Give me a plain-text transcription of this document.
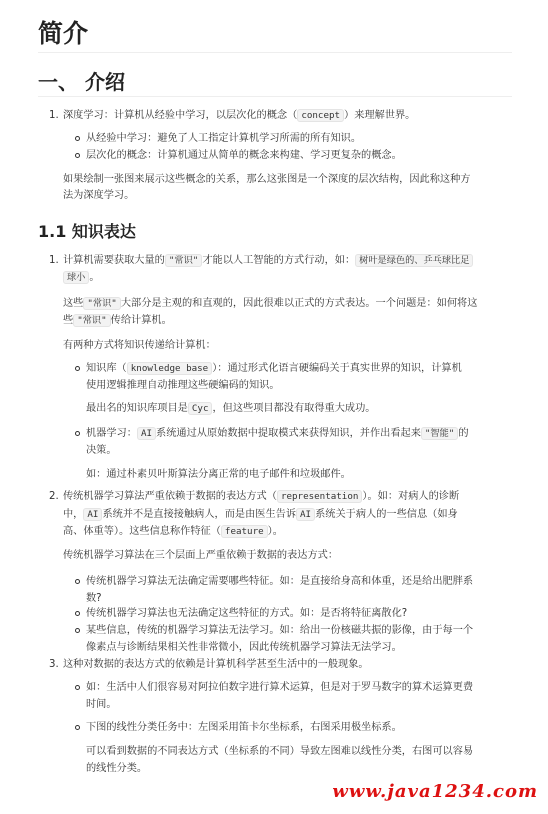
简介
一、 介绍
1. 深度学习：计算机从经验中学习，以层次化的概念（ concept ）来理解世界。
从经验中学习：避免了人工指定计算机学习所需的所有知识。
层次化的概念：计算机通过从简单的概念来构建、学习更复杂的概念。
如果绘制一张图来展示这些概念的关系，那么这张图是一个深度的层次结构，因此称这种方
法为深度学习。
1.1 知识表达
1. 计算机需要获取大量的 "常识" 才能以人工智能的方式行动，如： 树叶是绿色的、乒乓球比足
球小 。
这些 "常识" 大部分是主观的和直观的，因此很难以正式的方式表达。一个问题是：如何将这
些 "常识" 传给计算机。
有两种方式将知识传递给计算机：
知识库（ knowledge base ）：通过形式化语言硬编码关于真实世界的知识，计算机
使用逻辑推理自动推理这些硬编码的知识。
最出名的知识库项目是 Cyc ，但这些项目都没有取得重大成功。
机器学习： AI 系统通过从原始数据中提取模式来获得知识，并作出看起来 "智能" 的
决策。
如：通过朴素贝叶斯算法分离正常的电子邮件和垃圾邮件。
2. 传统机器学习算法严重依赖于数据的表达方式（ representation ）。如：对病人的诊断
中， AI 系统并不是直接接触病人，而是由医生告诉 AI 系统关于病人的一些信息（如身
高、体重等）。这些信息称作特征（ feature ）。
传统机器学习算法在三个层面上严重依赖于数据的表达方式：
传统机器学习算法无法确定需要哪些特征。如：是直接给身高和体重，还是给出肥胖系
数?
传统机器学习算法也无法确定这些特征的方式。如：是否将特征离散化?
某些信息，传统的机器学习算法无法学习。如：给出一份核磁共振的影像，由于每一个
像素点与诊断结果相关性非常微小，因此传统机器学习算法无法学习。
3. 这种对数据的表达方式的依赖是计算机科学甚至生活中的一般现象。
如：生活中人们很容易对阿拉伯数字进行算术运算，但是对于罗马数字的算术运算更费
时间。
下图的线性分类任务中：左图采用笛卡尔坐标系，右图采用极坐标系。
可以看到数据的不同表达方式（坐标系的不同）导致左图难以线性分类，右图可以容易
的线性分类。
www.java1234.com
